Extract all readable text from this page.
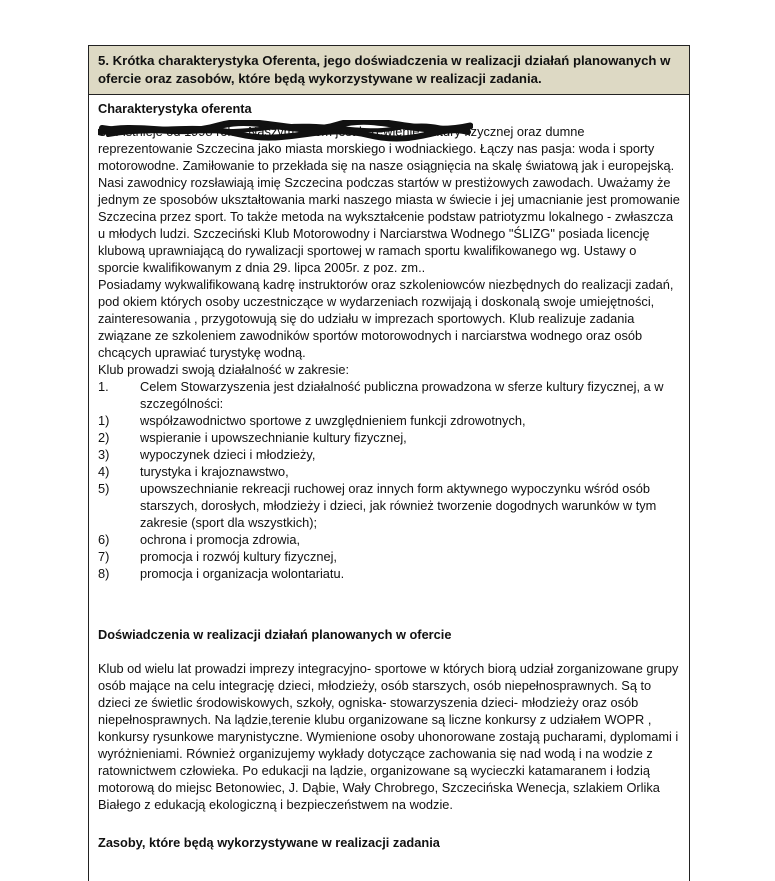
5. Krótka charakterystyka Oferenta, jego doświadczenia w realizacji działań planowanych w ofercie oraz zasobów, które będą wykorzystywane w realizacji zadania.
Charakterystyka oferenta

S… istnieje od 1998 roku. Naszym celem jest krzewienie kultury fizycznej oraz dumne reprezentowanie Szczecina jako miasta morskiego i wodniackiego. Łączy nas pasja: woda i sporty motorowodne. Zamiłowanie to przekłada się na nasze osiągnięcia na skalę światową jak i europejską. Nasi zawodnicy rozsławiają imię Szczecina podczas startów w prestiżowych zawodach. Uważamy że jednym ze sposobów ukształtowania marki naszego miasta w świecie i jej umacnianie jest promowanie Szczecina przez sport. To także metoda na wykształcenie podstaw patriotyzmu lokalnego - zwłaszcza u młodych ludzi. Szczeciński Klub Motorowodny i Narciarstwa Wodnego "ŚLIZG" posiada licencję klubową uprawniającą do rywalizacji sportowej w ramach sportu kwalifikowanego wg. Ustawy o sporcie kwalifikowanym z dnia 29. lipca 2005r. z poz. zm..

Posiadamy wykwalifikowaną kadrę instruktorów oraz szkoleniowców niezbędnych do realizacji zadań, pod okiem których osoby uczestniczące w wydarzeniach rozwijają i doskonalą swoje umiejętności, zainteresowania , przygotowują się do udziału w imprezach sportowych. Klub realizuje zadania związane ze szkoleniem zawodników sportów motorowodnych i narciarstwa wodnego oraz osób chcących uprawiać turystykę wodną.

Klub prowadzi swoją działalność w zakresie:

1.	Celem Stowarzyszenia jest działalność publiczna prowadzona w sferze kultury fizycznej, a w szczególności:
1)	współzawodnictwo sportowe z uwzględnieniem funkcji zdrowotnych,
2)	wspieranie i upowszechnianie kultury fizycznej,
3)	wypoczynek dzieci i młodzieży,
4)	turystyka i krajoznawstwo,
5)	upowszechnianie rekreacji ruchowej oraz innych form aktywnego wypoczynku wśród osób starszych, dorosłych, młodzieży i dzieci, jak również tworzenie dogodnych warunków w tym zakresie (sport dla wszystkich);
6)	ochrona i promocja zdrowia,
7)	promocja i rozwój kultury fizycznej,
8)	promocja i organizacja wolontariatu.
Doświadczenia w realizacji działań planowanych w ofercie

Klub od wielu lat prowadzi imprezy integracyjno- sportowe w których biorą udział zorganizowane grupy osób mające na celu integrację dzieci, młodzieży, osób starszych, osób niepełnosprawnych. Są to dzieci ze świetlic środowiskowych, szkoły, ogniska- stowarzyszenia dzieci- młodzieży oraz osób niepełnosprawnych. Na lądzie,terenie klubu organizowane są liczne konkursy z udziałem WOPR , konkursy rysunkowe marynistyczne. Wymienione osoby uhonorowane zostają pucharami, dyplomami i wyróżnieniami. Również organizujemy wykłady dotyczące zachowania się nad wodą i na wodzie z ratownictwem człowieka. Po edukacji na lądzie, organizowane są wycieczki katamaranem i łodzią motorową do miejsc Betonowiec, J. Dąbie, Wały Chrobrego, Szczecińska Wenecja, szlakiem Orlika Białego z edukacją ekologiczną i bezpieczeństwem na wodzie.

Zasoby, które będą wykorzystywane w realizacji zadania
